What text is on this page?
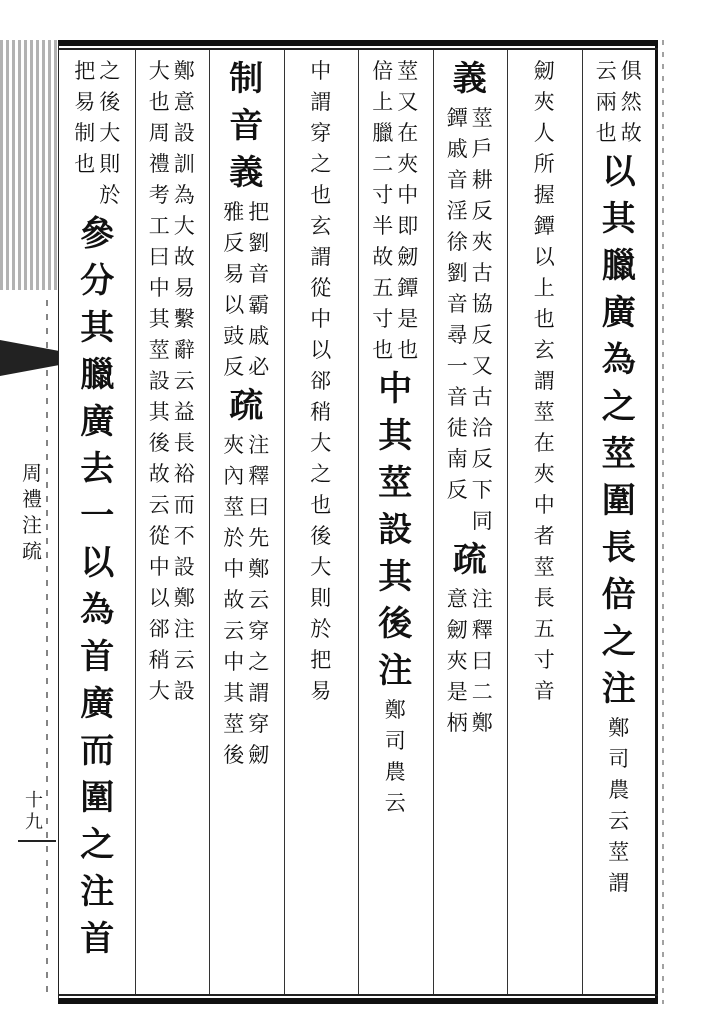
周
禮
注
疏
十
九
俱
然
故
云
兩
也
以
其
臘
廣
為
之
莖
圍
長
倍
之
注
鄭
司
農
云
莖
謂
劒
夾
人
所
握
鐔
以
上
也
玄
謂
莖
在
夾
中
者
莖
長
五
寸
音
義
莖
戶
耕
反
夾
古
協
反
又
古
洽
反
下
同
鐔
戚
音
淫
徐
劉
音
尋
一
音
徒
南
反
疏
注
釋
曰
二
鄭
意
劒
夾
是
柄
莖
又
在
夾
中
即
劒
鐔
是
也
倍
上
臘
二
寸
半
故
五
寸
也
中
其
莖
設
其
後
注
鄭
司
農
云
中
謂
穿
之
也
玄
謂
從
中
以
郤
稍
大
之
也
後
大
則
於
把
易
制
音
義
把
劉
音
霸
戚
必
雅
反
易
以
豉
反
疏
注
釋
曰
先
鄭
云
穿
之
謂
穿
劒
夾
內
莖
於
中
故
云
中
其
莖
後
鄭
意
設
訓
為
大
故
易
繫
辭
云
益
長
裕
而
不
設
鄭
注
云
設
大
也
周
禮
考
工
曰
中
其
莖
設
其
後
故
云
從
中
以
郤
稍
大
之
後
大
則
於
把
易
制
也
參
分
其
臘
廣
去
一
以
為
首
廣
而
圍
之
注
首
